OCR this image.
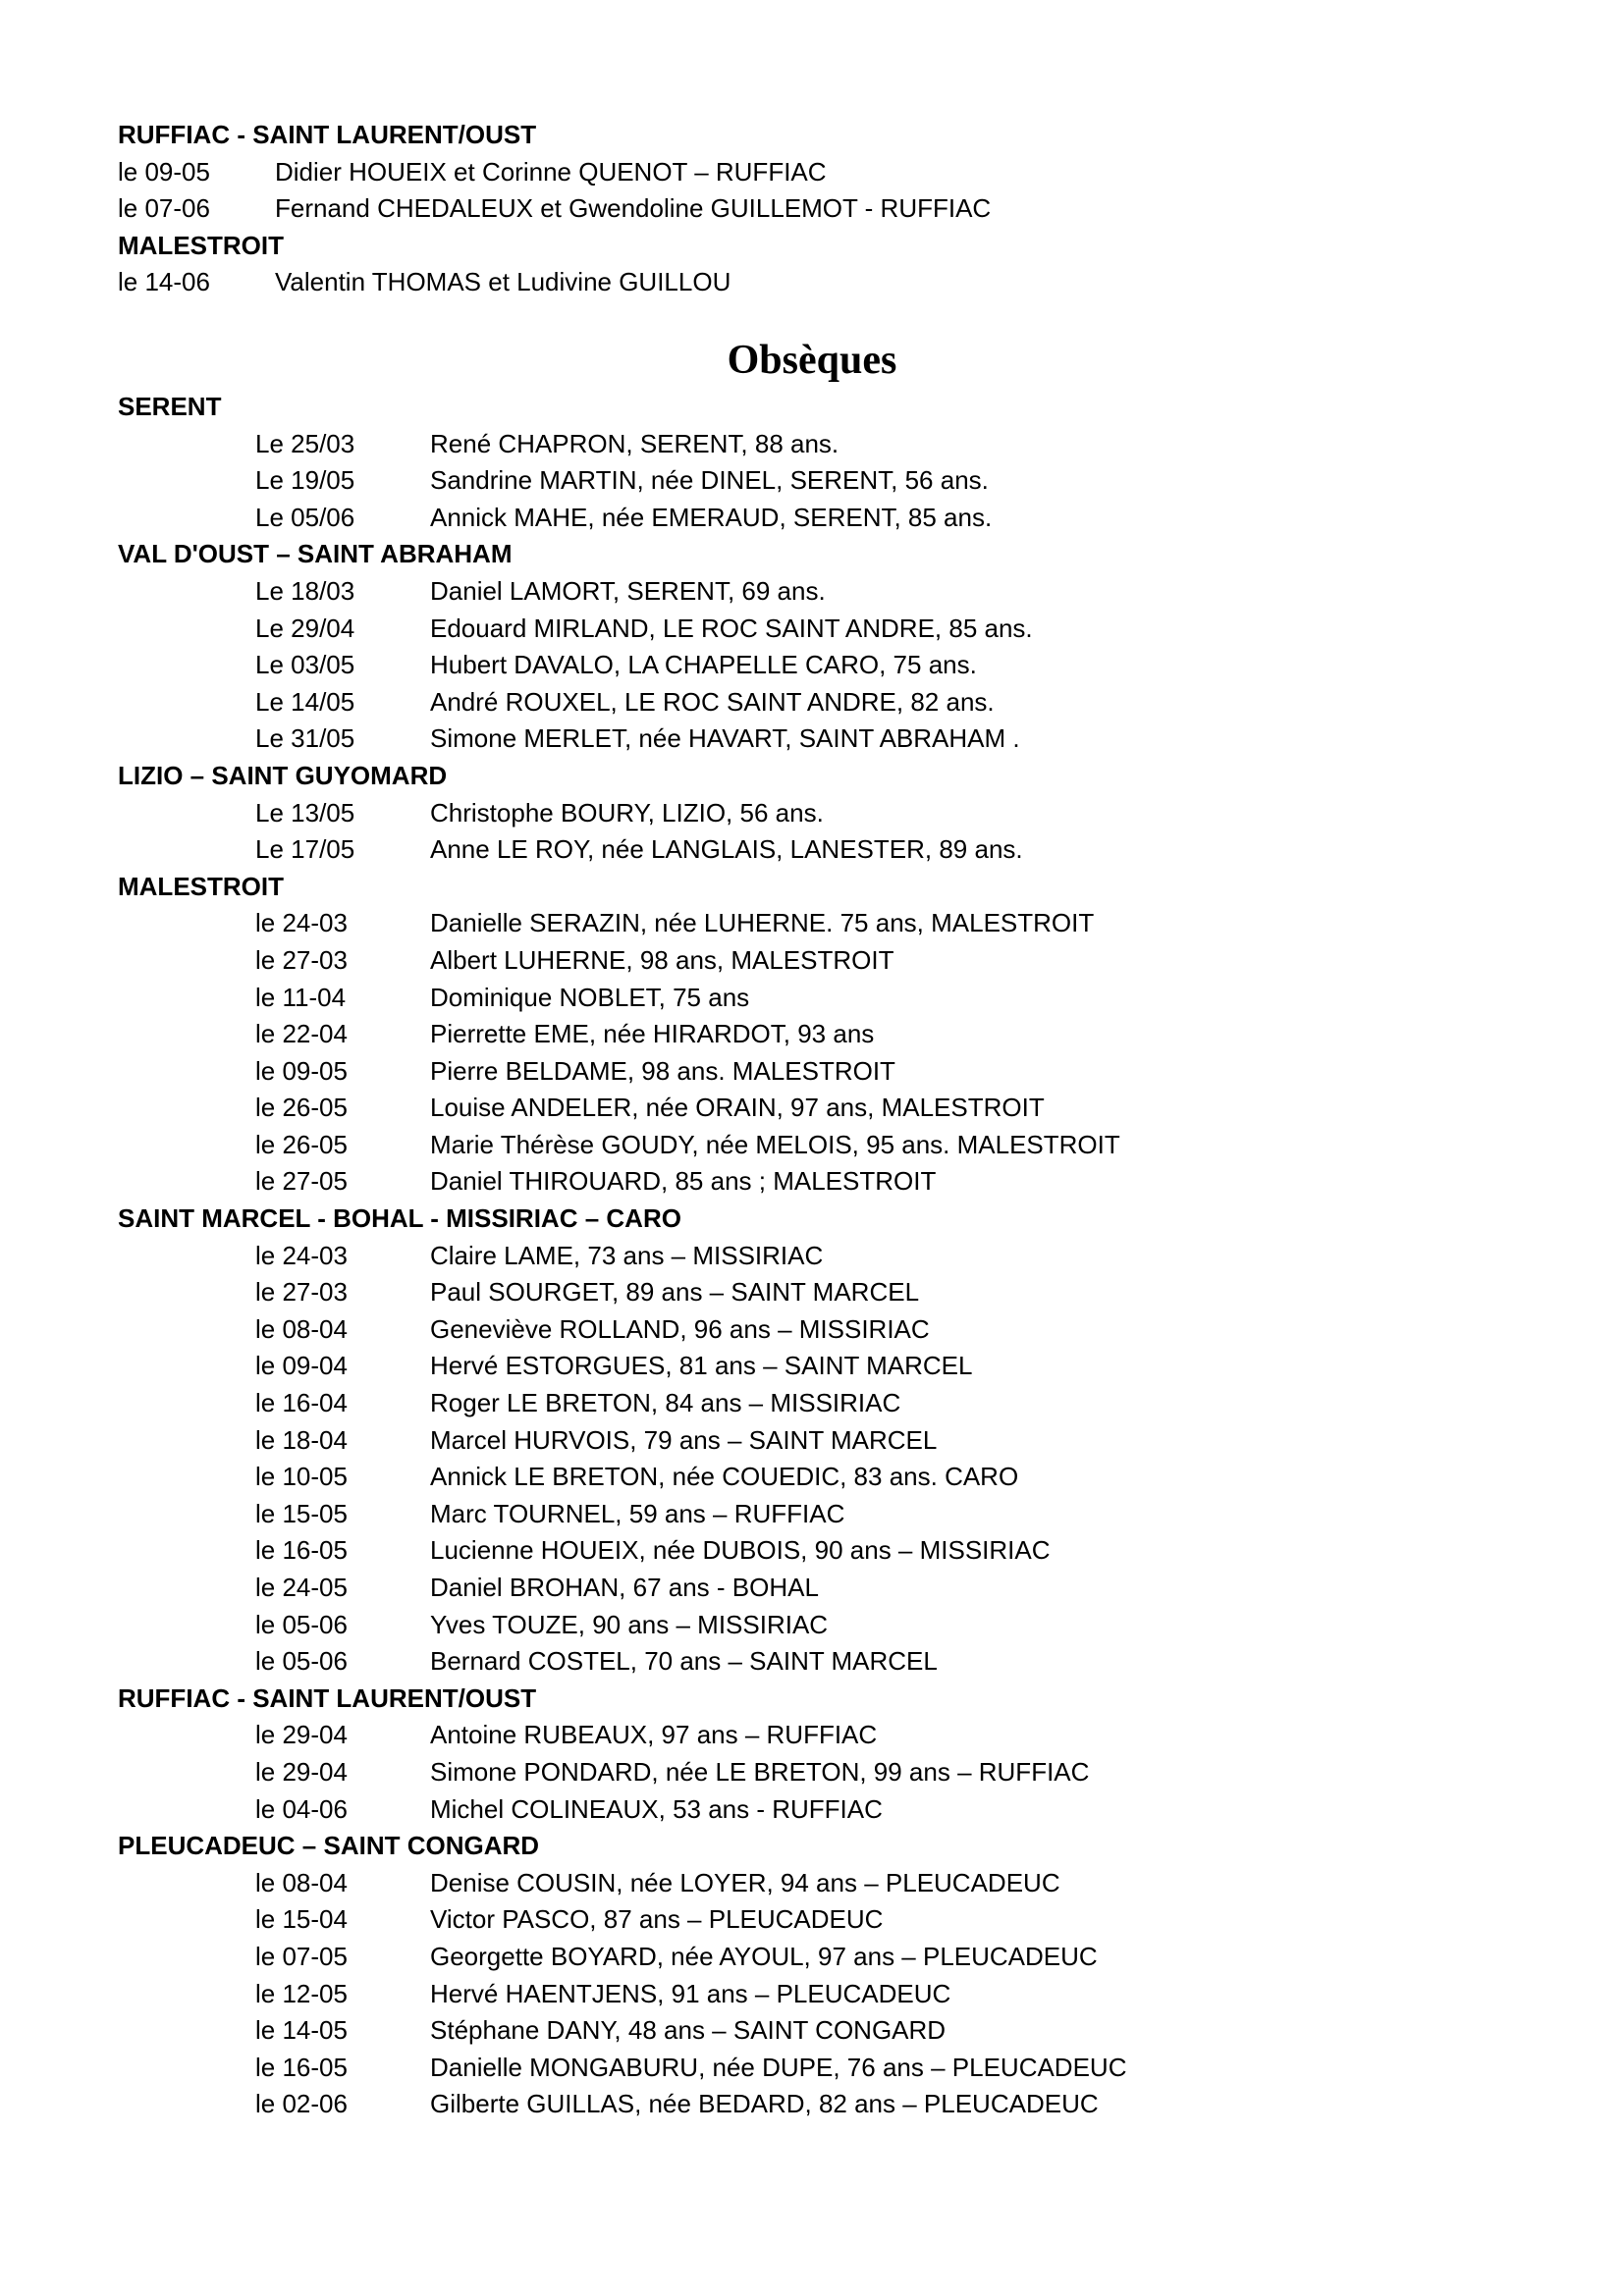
RUFFIAC - SAINT LAURENT/OUST
le 09-05	Didier HOUEIX et Corinne QUENOT – RUFFIAC
le 07-06	Fernand CHEDALEUX et Gwendoline GUILLEMOT - RUFFIAC
MALESTROIT
le 14-06	Valentin THOMAS et Ludivine GUILLOU
Obsèques
SERENT
Le 25/03	René CHAPRON, SERENT, 88 ans.
Le 19/05	Sandrine MARTIN, née DINEL, SERENT, 56 ans.
Le 05/06	Annick MAHE, née EMERAUD, SERENT, 85 ans.
VAL D'OUST – SAINT ABRAHAM
Le 18/03	Daniel LAMORT, SERENT, 69 ans.
Le 29/04	Edouard MIRLAND, LE ROC SAINT ANDRE, 85 ans.
Le 03/05	Hubert DAVALO, LA CHAPELLE CARO, 75 ans.
Le 14/05	André ROUXEL, LE ROC SAINT ANDRE, 82 ans.
Le 31/05	Simone MERLET, née HAVART, SAINT ABRAHAM .
LIZIO – SAINT GUYOMARD
Le 13/05	Christophe BOURY, LIZIO, 56 ans.
Le 17/05	Anne LE ROY, née LANGLAIS, LANESTER, 89 ans.
MALESTROIT
le 24-03	Danielle SERAZIN, née LUHERNE. 75 ans, MALESTROIT
le 27-03	Albert LUHERNE, 98 ans, MALESTROIT
le 11-04	Dominique NOBLET, 75 ans
le 22-04	Pierrette EME, née HIRARDOT, 93 ans
le 09-05	Pierre BELDAME, 98 ans. MALESTROIT
le 26-05	Louise ANDELER, née ORAIN, 97 ans, MALESTROIT
le 26-05	Marie Thérèse GOUDY, née MELOIS, 95 ans. MALESTROIT
le 27-05	Daniel THIROUARD, 85 ans ; MALESTROIT
SAINT MARCEL - BOHAL - MISSIRIAC – CARO
le 24-03	Claire LAME, 73 ans – MISSIRIAC
le 27-03	Paul SOURGET, 89 ans – SAINT MARCEL
le 08-04	Geneviève ROLLAND, 96 ans – MISSIRIAC
le 09-04	Hervé ESTORGUES, 81 ans – SAINT MARCEL
le 16-04	Roger LE BRETON, 84 ans – MISSIRIAC
le 18-04	Marcel HURVOIS, 79 ans – SAINT MARCEL
le 10-05	Annick LE BRETON, née COUEDIC, 83 ans. CARO
le 15-05	Marc TOURNEL, 59 ans – RUFFIAC
le 16-05	Lucienne HOUEIX, née DUBOIS, 90 ans – MISSIRIAC
le 24-05	Daniel BROHAN, 67 ans - BOHAL
le 05-06	Yves TOUZE, 90 ans – MISSIRIAC
le 05-06	Bernard COSTEL, 70 ans – SAINT MARCEL
RUFFIAC - SAINT LAURENT/OUST
le 29-04	Antoine RUBEAUX, 97 ans – RUFFIAC
le 29-04	Simone PONDARD, née LE BRETON, 99 ans – RUFFIAC
le 04-06	Michel COLINEAUX, 53 ans - RUFFIAC
PLEUCADEUC – SAINT CONGARD
le 08-04	Denise COUSIN, née LOYER, 94 ans – PLEUCADEUC
le 15-04	Victor PASCO, 87 ans – PLEUCADEUC
le 07-05	Georgette BOYARD, née AYOUL, 97 ans – PLEUCADEUC
le 12-05	Hervé HAENTJENS, 91 ans – PLEUCADEUC
le 14-05	Stéphane DANY, 48 ans – SAINT CONGARD
le 16-05	Danielle MONGABURU, née DUPE, 76 ans – PLEUCADEUC
le 02-06	Gilberte GUILLAS, née BEDARD, 82 ans – PLEUCADEUC
